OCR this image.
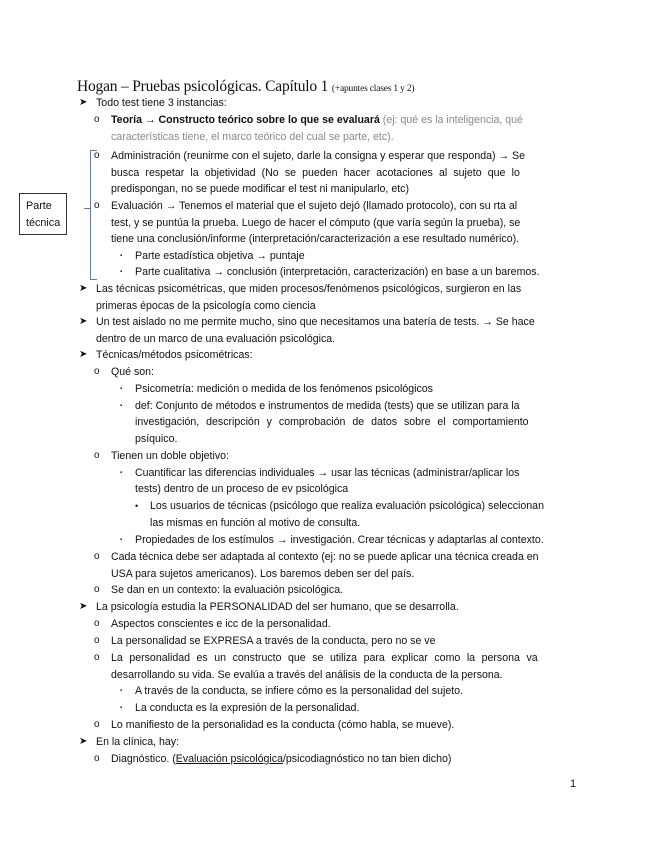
Hogan – Pruebas psicológicas. Capítulo 1 (+apuntes clases 1 y 2)
Parte
técnica
➤ Todo test tiene 3 instancias:
o Teoría → Constructo teórico sobre lo que se evaluará (ej: qué es la inteligencia, qué
características tiene, el marco teórico del cual se parte, etc).
o Administración (reunirme con el sujeto, darle la consigna y esperar que responda) → Se
busca respetar la objetividad (No se pueden hacer acotaciones al sujeto que lo
predispongan, no se puede modificar el test ni manipularlo, etc)
o Evaluación → Tenemos el material que el sujeto dejó (llamado protocolo), con su rta al
test, y se puntúa la prueba. Luego de hacer el cómputo (que varía según la prueba), se
tiene una conclusión/informe (interpretación/caracterización a ese resultado numérico).
▪ Parte estadística objetiva → puntaje
▪ Parte cualitativa → conclusión (interpretación, caracterización) en base a un baremos.
➤ Las técnicas psicométricas, que miden procesos/fenómenos psicológicos, surgieron en las
primeras épocas de la psicología como ciencia
➤ Un test aislado no me permite mucho, sino que necesitamos una batería de tests. → Se hace
dentro de un marco de una evaluación psicológica.
➤ Técnicas/métodos psicométricas:
o Qué son:
▪ Psicometría: medición o medida de los fenómenos psicológicos
▪ def: Conjunto de métodos e instrumentos de medida (tests) que se utilizan para la
investigación, descripción y comprobación de datos sobre el comportamiento
psíquico.
o Tienen un doble objetivo:
▪ Cuantificar las diferencias individuales → usar las técnicas (administrar/aplicar los
tests) dentro de un proceso de ev psicológica
• Los usuarios de técnicas (psicólogo que realiza evaluación psicológica) seleccionan
las mismas en función al motivo de consulta.
▪ Propiedades de los estímulos → investigación. Crear técnicas y adaptarlas al contexto.
o Cada técnica debe ser adaptada al contexto (ej: no se puede aplicar una técnica creada en
USA para sujetos americanos). Los baremos deben ser del país.
o Se dan en un contexto: la evaluación psicológica.
➤ La psicología estudia la PERSONALIDAD del ser humano, que se desarrolla.
o Aspectos conscientes e icc de la personalidad.
o La personalidad se EXPRESA a través de la conducta, pero no se ve
o La personalidad es un constructo que se utiliza para explicar como la persona va
desarrollando su vida. Se evalúa a través del análisis de la conducta de la persona.
▪ A través de la conducta, se infiere cómo es la personalidad del sujeto.
▪ La conducta es la expresión de la personalidad.
o Lo manifiesto de la personalidad es la conducta (cómo habla, se mueve).
➤ En la clínica, hay:
o Diagnóstico. (Evaluación psicológica/psicodiagnóstico no tan bien dicho)
1
